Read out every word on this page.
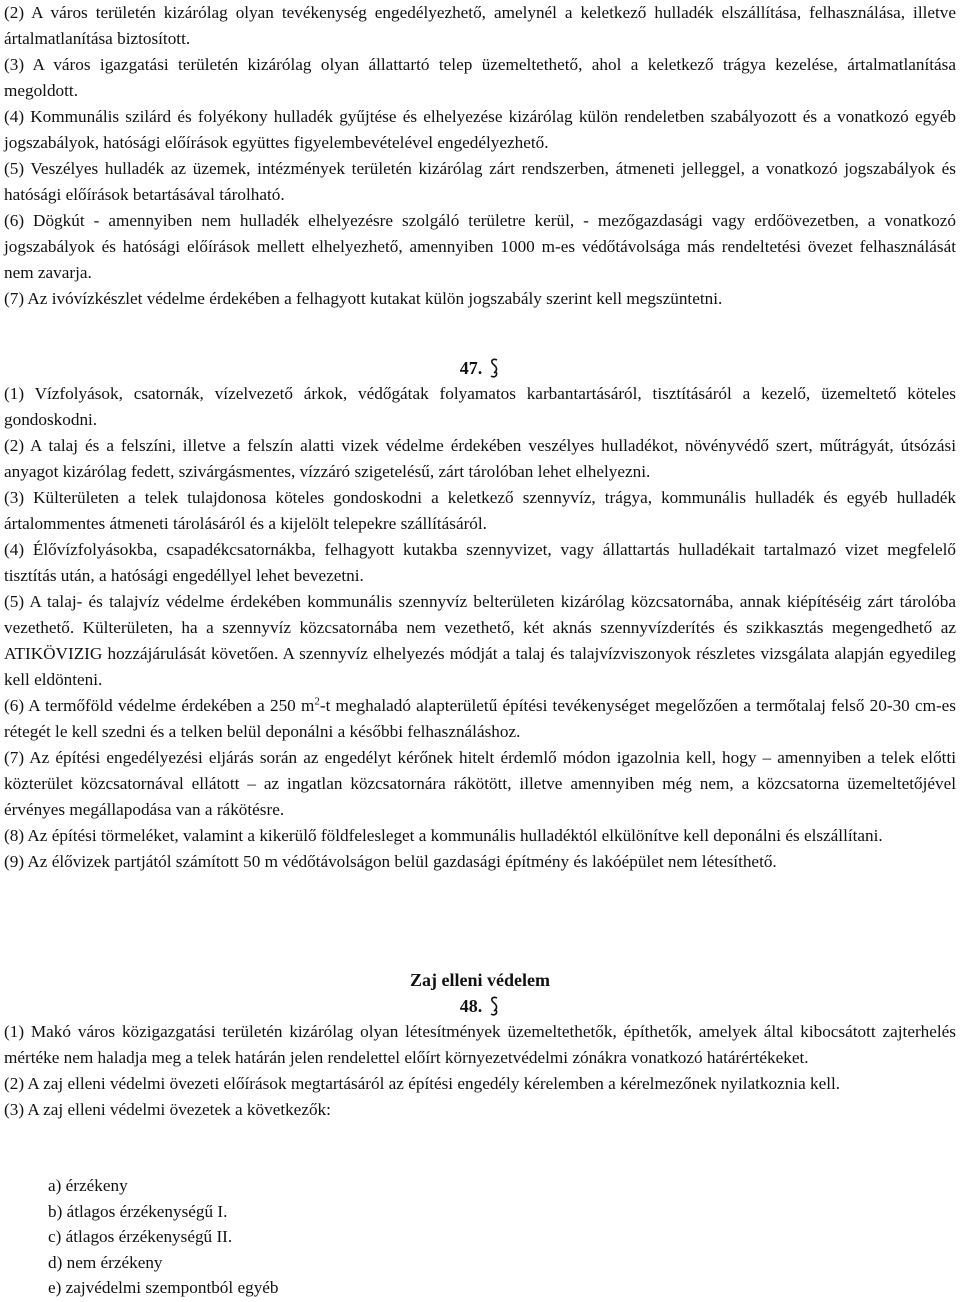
(2) A város területén kizárólag olyan tevékenység engedélyezhető, amelynél a keletkező hulladék elszállítása, felhasználása, illetve ártalmatlanítása biztosított.

(3) A város igazgatási területén kizárólag olyan állattartó telep üzemeltethető, ahol a keletkező trágya kezelése, ártalmatlanítása megoldott.

(4) Kommunális szilárd és folyékony hulladék gyűjtése és elhelyezése kizárólag külön rendeletben szabályozott és a vonatkozó egyéb jogszabályok, hatósági előírások együttes figyelembevételével engedélyezhető.

(5) Veszélyes hulladék az üzemek, intézmények területén kizárólag zárt rendszerben, átmeneti jelleggel, a vonatkozó jogszabályok és hatósági előírások betartásával tárolható.

(6) Dögkút - amennyiben nem hulladék elhelyezésre szolgáló területre kerül, - mezőgazdasági vagy erdőövezetben, a vonatkozó jogszabályok és hatósági előírások mellett elhelyezhető, amennyiben 1000 m-es védőtávolsága más rendeltetési övezet felhasználását nem zavarja.

(7) Az ivóvízkészlet védelme érdekében a felhagyott kutakat külön jogszabály szerint kell megszüntetni.

47.

(1) Vízfolyások, csatornák, vízelvezető árkok, védőgátak folyamatos karbantartásáról, tisztításáról a kezelő, üzemeltető köteles gondoskodni.

(2) A talaj és a felszíni, illetve a felszín alatti vizek védelme érdekében veszélyes hulladékot, növényvédő szert, műtrágyát, útsózási anyagot kizárólag fedett, szivárgásmentes, vízzáró szigetelésű, zárt tárolóban lehet elhelyezni.

(3) Külterületen a telek tulajdonosa köteles gondoskodni a keletkező szennyvíz, trágya, kommunális hulladék és egyéb hulladék ártalommentes átmeneti tárolásáról és a kijelölt telepekre szállításáról.

(4) Élővízfolyásokba, csapadékcsatornákba, felhagyott kutakba szennyvizet, vagy állattartás hulladékait tartalmazó vizet megfelelő tisztítás után, a hatósági engedéllyel lehet bevezetni.

(5) A talaj- és talajvíz védelme érdekében kommunális szennyvíz belterületen kizárólag közcsatornába, annak kiépítéséig zárt tárolóba vezethető. Külterületen, ha a szennyvíz közcsatornába nem vezethető, két aknás szennyvízderítés és szikkasztás megengedhető az ATIKÖVIZIG hozzájárulását követően. A szennyvíz elhelyezés módját a talaj és talajvízviszonyok részletes vizsgálata alapján egyedileg kell eldönteni.

(6) A termőföld védelme érdekében a 250 $m^2-t$ meghaladó alapterületű építési tevékenységet megelőzően a termőtalaj felső 20-30 cm-es rétegét le kell szedni és a telken belül deponálni a későbbi felhasználáshoz.

(7) Az építési engedélyezési eljárás során az engedélyt kérőnek hitelt érdemlő módon igazolnia kell, hogy – amennyiben a telek előtti közterület közcsatornával ellátott – az ingatlan közcsatornára rákötött, illetve amennyiben még nem, a közcsatorna üzemeltetőjével érvényes megállapodása van a rákötésre.

(8) Az építési törmeléket, valamint a kikerülő földfelesleget a kommunális hulladéktól elkülönítve kell deponálni és elszállítani.

(9) Az élővizek partjától számított 50 m védőtávolságon belül gazdasági építmény és lakóépület nem létesíthető.

Zaj elleni védelem
48.

(1) Makó város közigazgatási területén kizárólag olyan létesítmények üzemeltethetők, építhetők, amelyek által kibocsátott zajterhelés mértéke nem haladja meg a telek határán jelen rendelettel előírt környezetvédelmi zónákra vonatkozó határértékeket.

(2) A zaj elleni védelmi övezeti előírások megtartásáról az építési engedély kérelemben a kérelmezőnek nyilatkoznia kell.

(3) A zaj elleni védelmi övezetek a következők:

a) érzékeny
b) átlagos érzékenységű I.
c) átlagos érzékenységű II.
d) nem érzékeny
e) zajvédelmi szempontból egyéb
